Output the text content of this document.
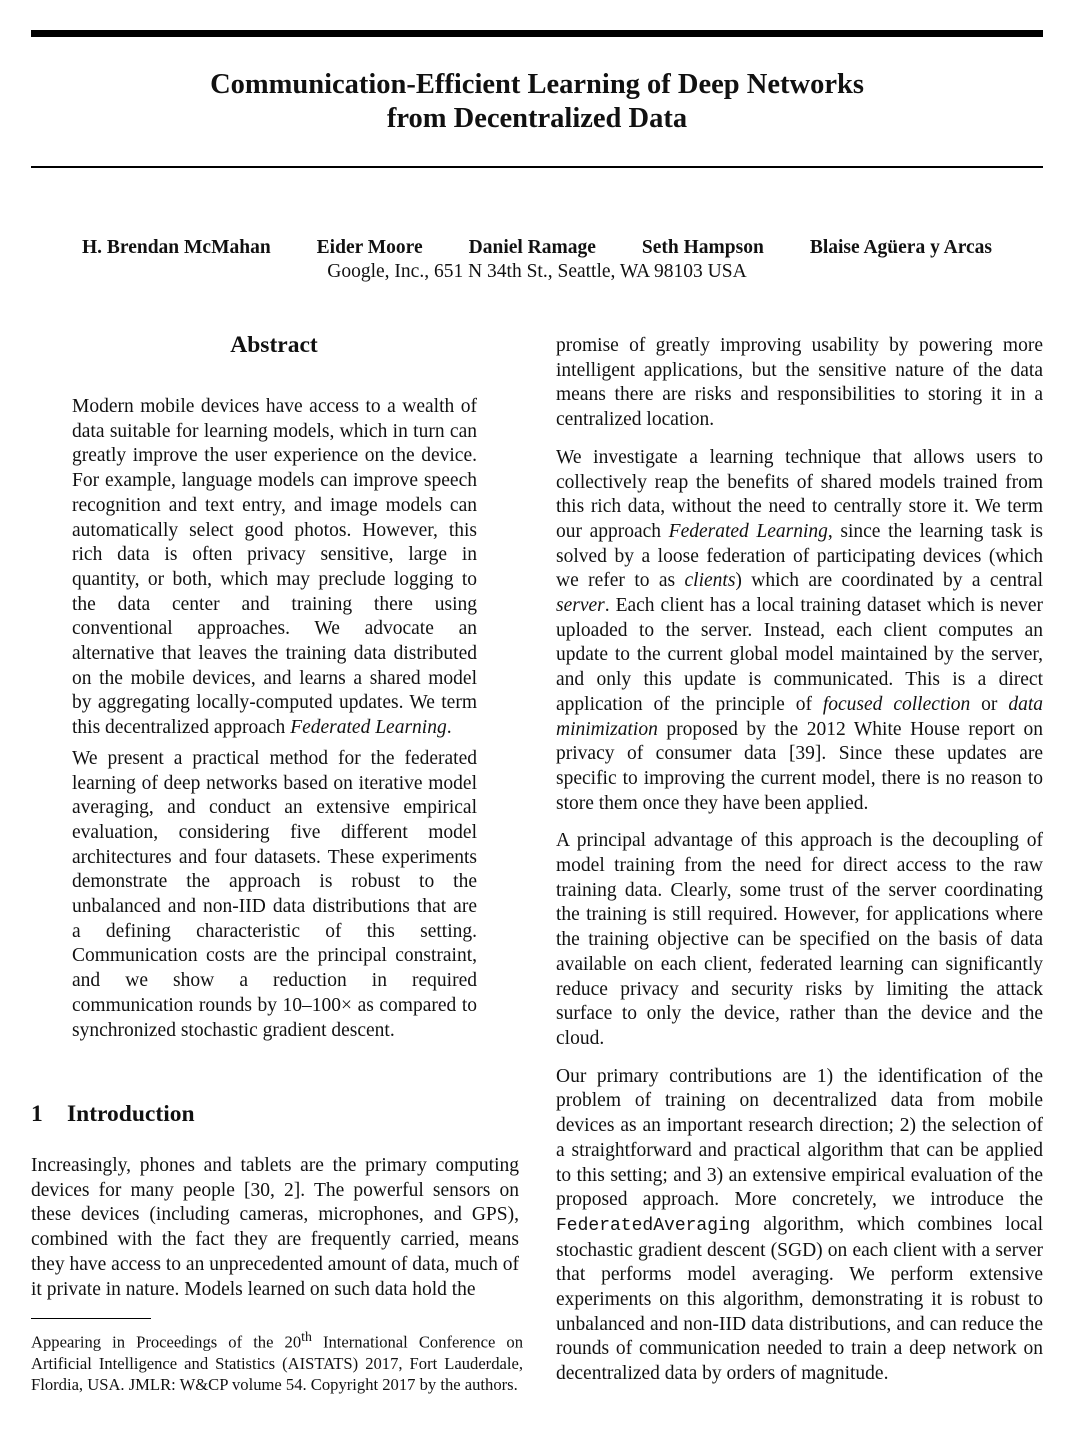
Communication-Efficient Learning of Deep Networks
from Decentralized Data
H. Brendan McMahan Eider Moore Daniel Ramage Seth Hampson Blaise Agüera y Arcas
Google, Inc., 651 N 34th St., Seattle, WA 98103 USA
Abstract

Modern mobile devices have access to a wealth of data suitable for learning models, which in turn can greatly improve the user experience on the device. For example, language models can improve speech recognition and text entry, and image models can automatically select good photos. However, this rich data is often privacy sensitive, large in quantity, or both, which may preclude logging to the data center and training there using conventional approaches. We advocate an alternative that leaves the training data distributed on the mobile devices, and learns a shared model by aggregating locally-computed updates. We term this decentralized approach Federated Learning.

We present a practical method for the federated learning of deep networks based on iterative model averaging, and conduct an extensive empirical evaluation, considering five different model architectures and four datasets. These experiments demonstrate the approach is robust to the unbalanced and non-IID data distributions that are a defining characteristic of this setting. Communication costs are the principal constraint, and we show a reduction in required communication rounds by 10–100× as compared to synchronized stochastic gradient descent.

1 Introduction

Increasingly, phones and tablets are the primary computing devices for many people [30, 2]. The powerful sensors on these devices (including cameras, microphones, and GPS), combined with the fact they are frequently carried, means they have access to an unprecedented amount of data, much of it private in nature. Models learned on such data hold the

Appearing in Proceedings of the 20th International Conference on Artificial Intelligence and Statistics (AISTATS) 2017, Fort Lauderdale, Flordia, USA. JMLR: W&CP volume 54. Copyright 2017 by the authors.

promise of greatly improving usability by powering more intelligent applications, but the sensitive nature of the data means there are risks and responsibilities to storing it in a centralized location.

We investigate a learning technique that allows users to collectively reap the benefits of shared models trained from this rich data, without the need to centrally store it. We term our approach Federated Learning, since the learning task is solved by a loose federation of participating devices (which we refer to as clients) which are coordinated by a central server. Each client has a local training dataset which is never uploaded to the server. Instead, each client computes an update to the current global model maintained by the server, and only this update is communicated. This is a direct application of the principle of focused collection or data minimization proposed by the 2012 White House report on privacy of consumer data [39]. Since these updates are specific to improving the current model, there is no reason to store them once they have been applied.

A principal advantage of this approach is the decoupling of model training from the need for direct access to the raw training data. Clearly, some trust of the server coordinating the training is still required. However, for applications where the training objective can be specified on the basis of data available on each client, federated learning can significantly reduce privacy and security risks by limiting the attack surface to only the device, rather than the device and the cloud.

Our primary contributions are 1) the identification of the problem of training on decentralized data from mobile devices as an important research direction; 2) the selection of a straightforward and practical algorithm that can be applied to this setting; and 3) an extensive empirical evaluation of the proposed approach. More concretely, we introduce the FederatedAveraging algorithm, which combines local stochastic gradient descent (SGD) on each client with a server that performs model averaging. We perform extensive experiments on this algorithm, demonstrating it is robust to unbalanced and non-IID data distributions, and can reduce the rounds of communication needed to train a deep network on decentralized data by orders of magnitude.
